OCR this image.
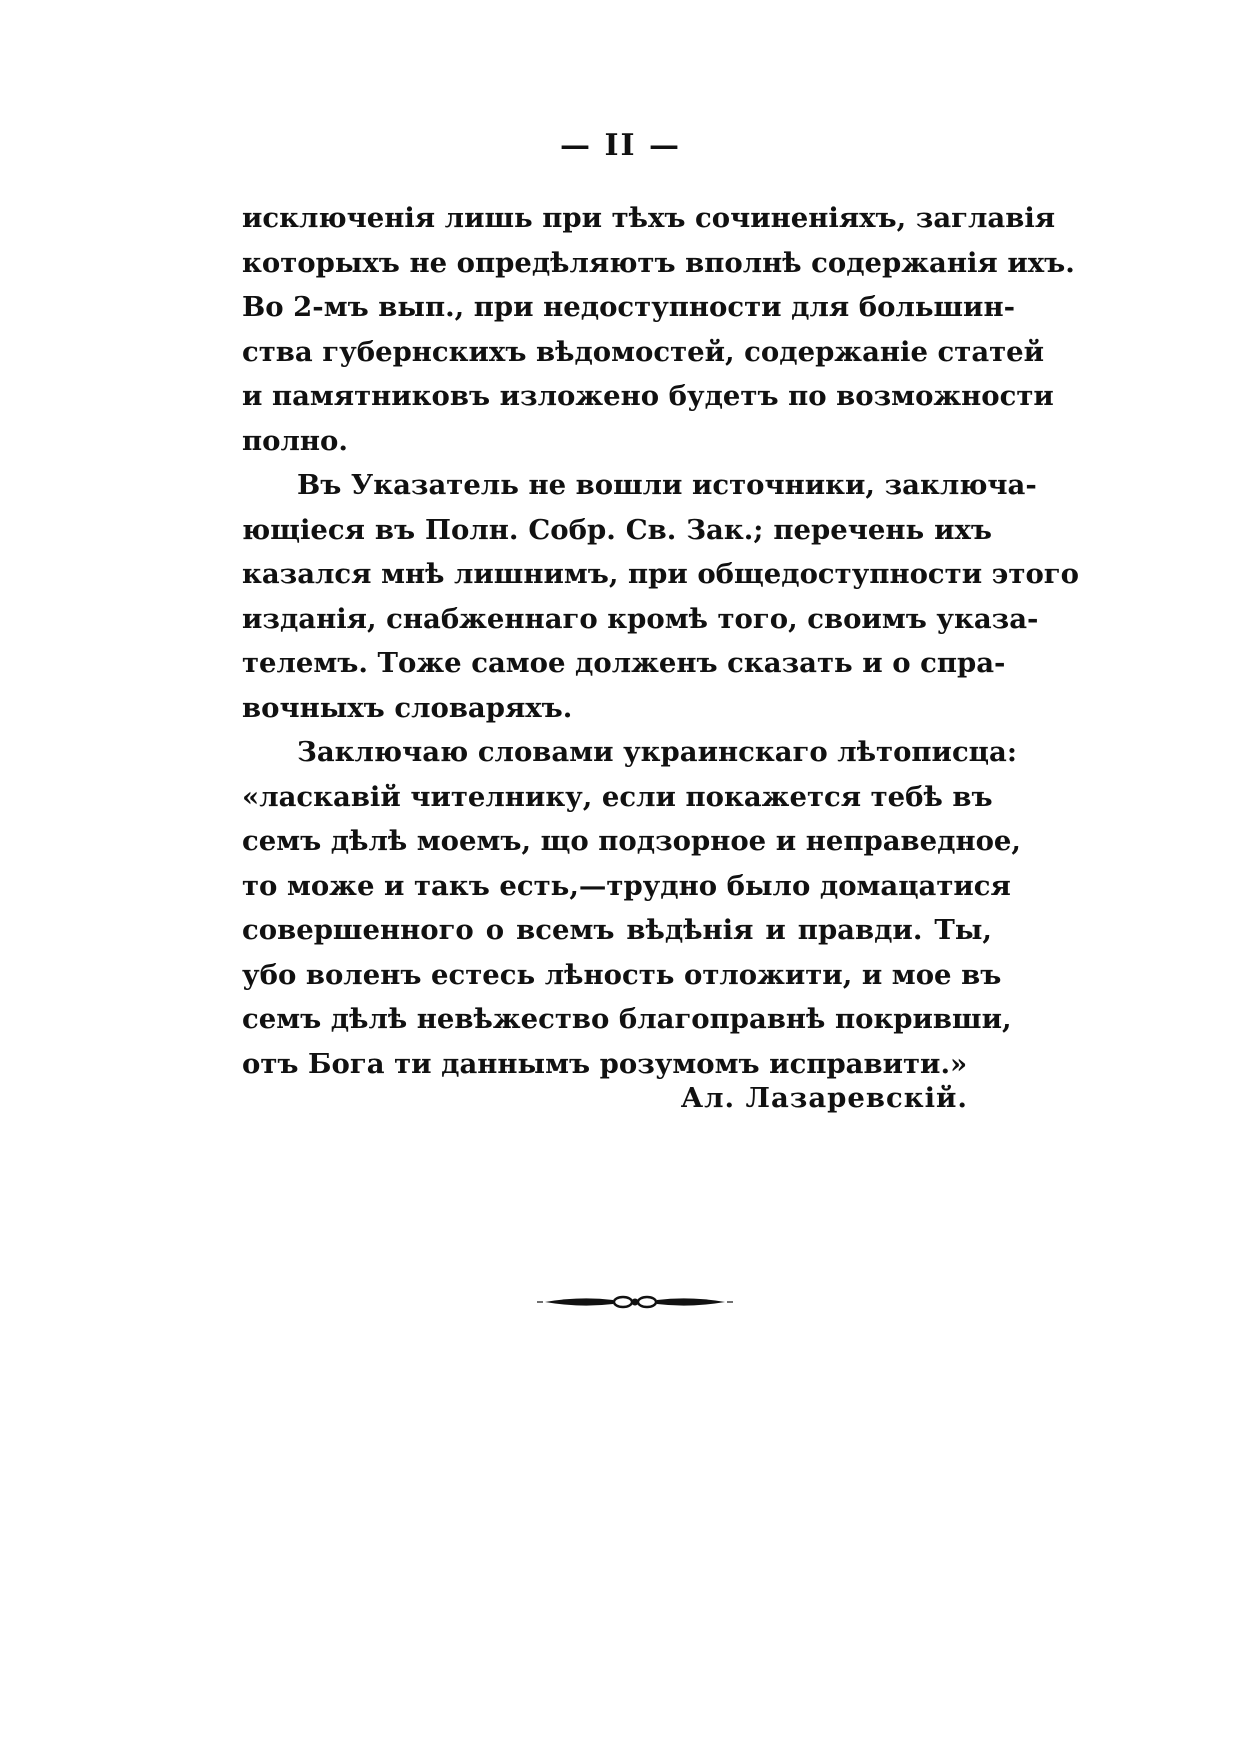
— II —
исключенія лишь при тѣхъ сочиненіяхъ, заглавія
которыхъ не опредѣляютъ вполнѣ содержанія ихъ.
Во 2-мъ вып., при недоступности для большин-
ства губернскихъ вѣдомостей, содержаніе статей
и памятниковъ изложено будетъ по возможности
полно.
Въ Указатель не вошли источники, заключа-
ющіеся въ Полн. Собр. Св. Зак.; перечень ихъ
казался мнѣ лишнимъ, при общедоступности этого
изданія, снабженнаго кромѣ того, своимъ указа-
телемъ. Тоже самое долженъ сказать и о спра-
вочныхъ словаряхъ.
Заключаю словами украинскаго лѣтописца:
«ласкавій чителнику, если покажется тебѣ въ
семъ дѣлѣ моемъ, що подзорное и неправедное,
то може и такъ есть,—трудно было домацатися
совершенного о всемъ вѣдѣнія и правди. Ты,
убо воленъ естесь лѣность отложити, и мое въ
семъ дѣлѣ невѣжество благоправнѣ покривши,
отъ Бога ти даннымъ розумомъ исправити.»
Ал. Лазаревскій.
